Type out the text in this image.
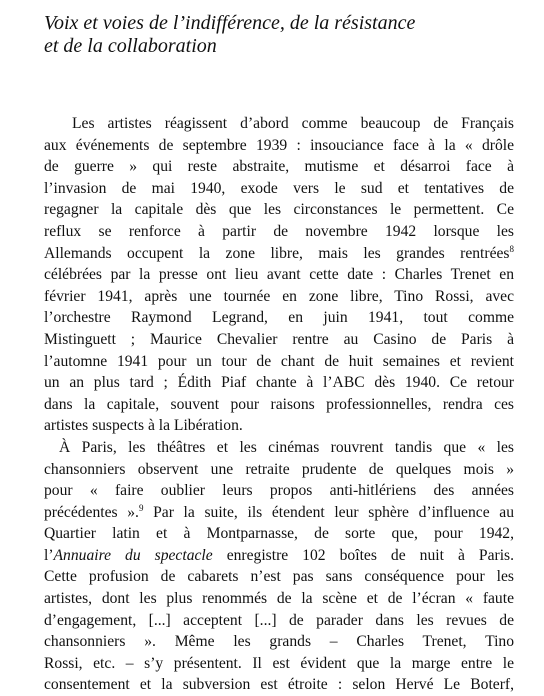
Voix et voies de l’indifférence, de la résistance
et de la collaboration
Les artistes réagissent d’abord comme beaucoup de Français
aux événements de septembre 1939 : insouciance face à la « drôle
de guerre » qui reste abstraite, mutisme et désarroi face à
l’invasion de mai 1940, exode vers le sud et tentatives de
regagner la capitale dès que les circonstances le permettent. Ce
reflux se renforce à partir de novembre 1942 lorsque les
Allemands occupent la zone libre, mais les grandes rentrées$^8$
célébrées par la presse ont lieu avant cette date : Charles Trenet en
février 1941, après une tournée en zone libre, Tino Rossi, avec
l’orchestre Raymond Legrand, en juin 1941, tout comme
Mistinguett ; Maurice Chevalier rentre au Casino de Paris à
l’automne 1941 pour un tour de chant de huit semaines et revient
un an plus tard ; Édith Piaf chante à l’ABC dès 1940. Ce retour
dans la capitale, souvent pour raisons professionnelles, rendra ces
artistes suspects à la Libération.
À Paris, les théâtres et les cinémas rouvrent tandis que « les
chansonniers observent une retraite prudente de quelques mois »
pour « faire oublier leurs propos anti-hitlériens des années
précédentes ».$^9$ Par la suite, ils étendent leur sphère d’influence au
Quartier latin et à Montparnasse, de sorte que, pour 1942,
l’Annuaire du spectacle enregistre 102 boîtes de nuit à Paris.
Cette profusion de cabarets n’est pas sans conséquence pour les
artistes, dont les plus renommés de la scène et de l’écran « faute
d’engagement, [...] acceptent [...] de parader dans les revues de
chansonniers ». Même les grands – Charles Trenet, Tino
Rossi, etc. – s’y présentent. Il est évident que la marge entre le
consentement et la subversion est étroite : selon Hervé Le Boterf,
